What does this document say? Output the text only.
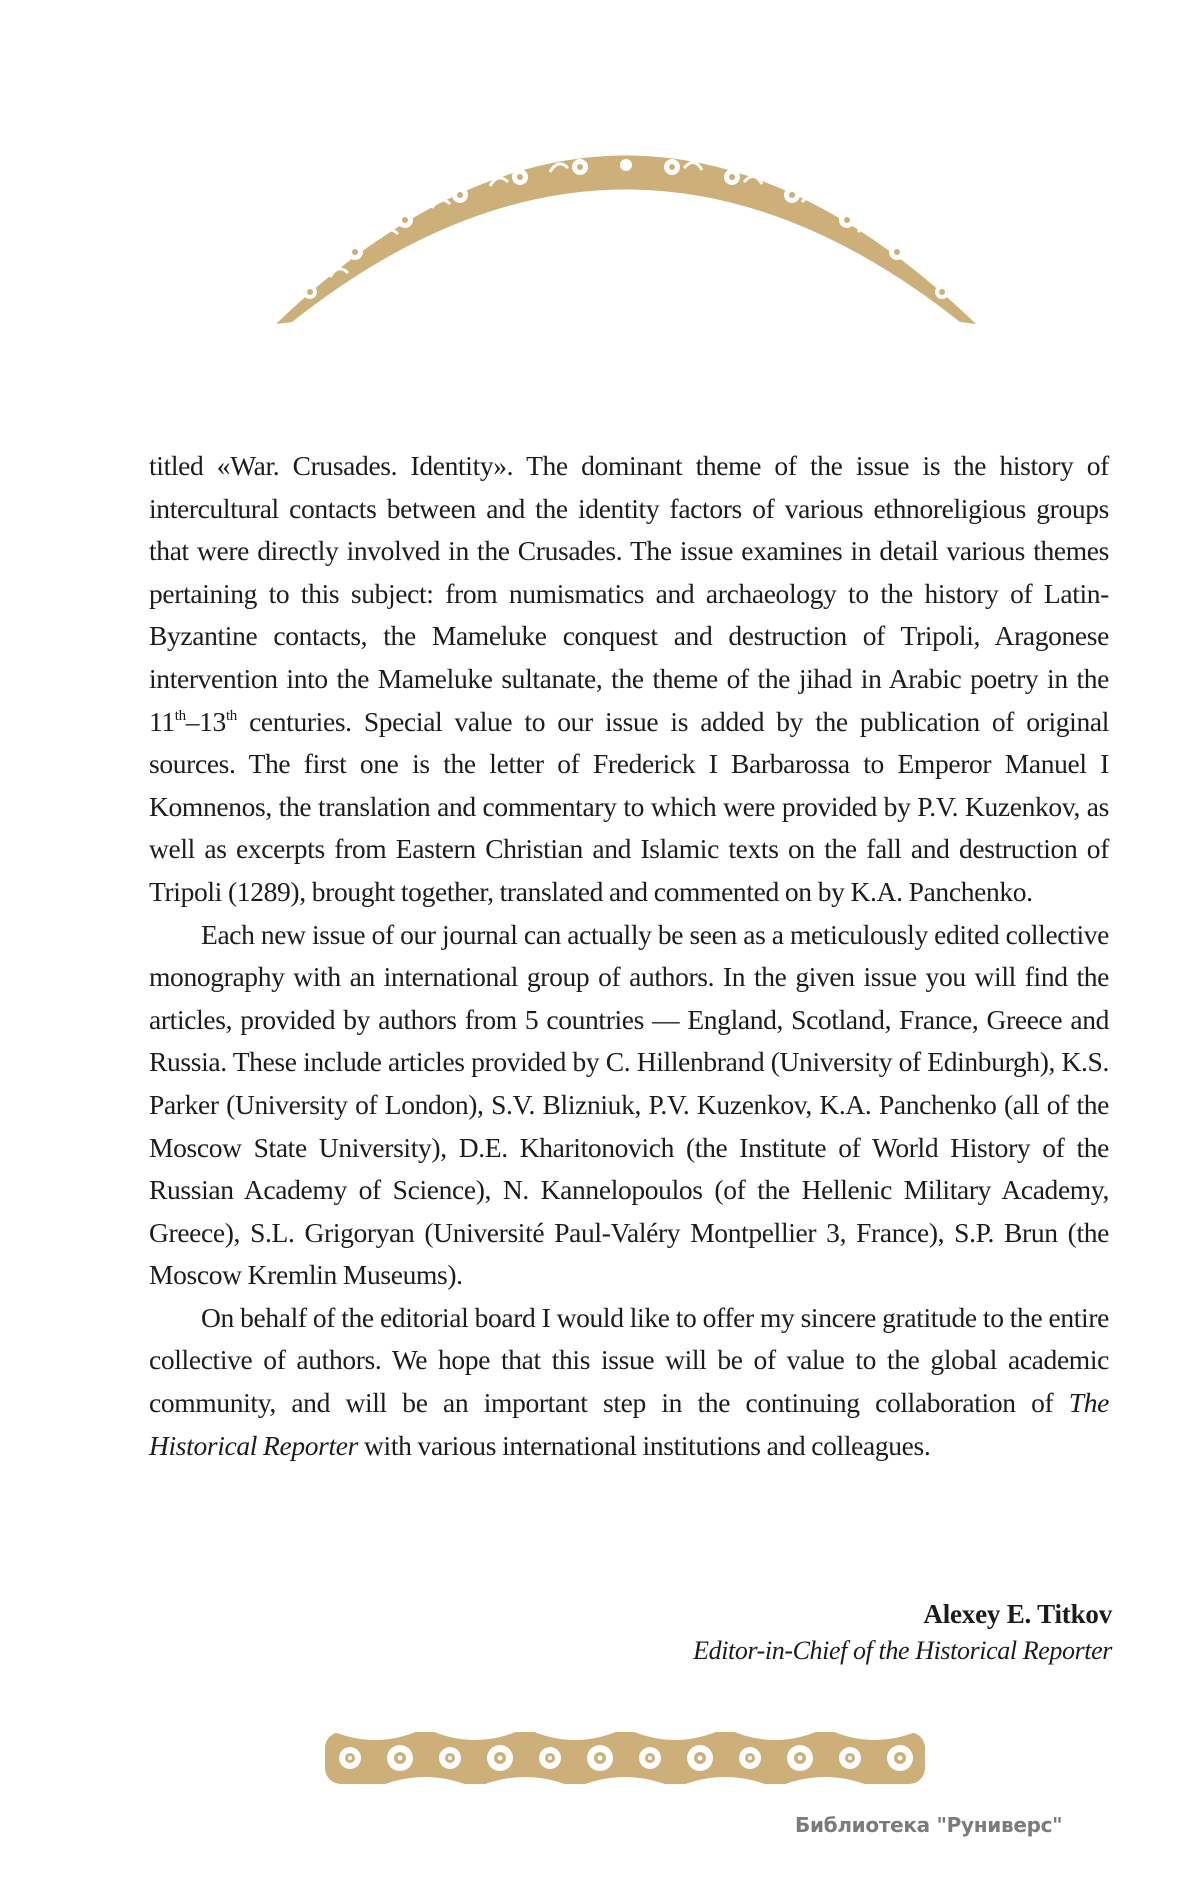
titled «War. Crusades. Identity». The dominant theme of the issue is the history of intercultural contacts between and the identity factors of various ethnoreligious groups that were directly involved in the Crusades. The issue examines in detail various themes pertaining to this subject: from numismatics and archaeology to the history of Latin-Byzantine contacts, the Mameluke conquest and destruction of Tripoli, Aragonese intervention into the Mameluke sultanate, the theme of the jihad in Arabic poetry in the 11th–13th centuries. Special value to our issue is added by the publication of original sources. The first one is the letter of Frederick I Barbarossa to Emperor Manuel I Komnenos, the translation and commentary to which were provided by P.V. Kuzenkov, as well as excerpts from Eastern Christian and Islamic texts on the fall and destruction of Tripoli (1289), brought together, translated and commented on by K.A. Panchenko.

Each new issue of our journal can actually be seen as a meticulously edited collective monography with an international group of authors. In the given issue you will find the articles, provided by authors from 5 countries — England, Scotland, France, Greece and Russia. These include articles provided by C. Hillenbrand (University of Edinburgh), K.S. Parker (University of London), S.V. Blizniuk, P.V. Kuzenkov, K.A. Panchenko (all of the Moscow State University), D.E. Kharitonovich (the Institute of World History of the Russian Academy of Science), N. Kannelopoulos (of the Hellenic Military Academy, Greece), S.L. Grigoryan (Université Paul-Valéry Montpellier 3, France), S.P. Brun (the Moscow Kremlin Museums).

On behalf of the editorial board I would like to offer my sincere gratitude to the entire collective of authors. We hope that this issue will be of value to the global academic community, and will be an important step in the continuing collaboration of The Historical Reporter with various international institutions and colleagues.

Alexey E. Titkov
Editor-in-Chief of the Historical Reporter
Библиотека "Руниверс"
